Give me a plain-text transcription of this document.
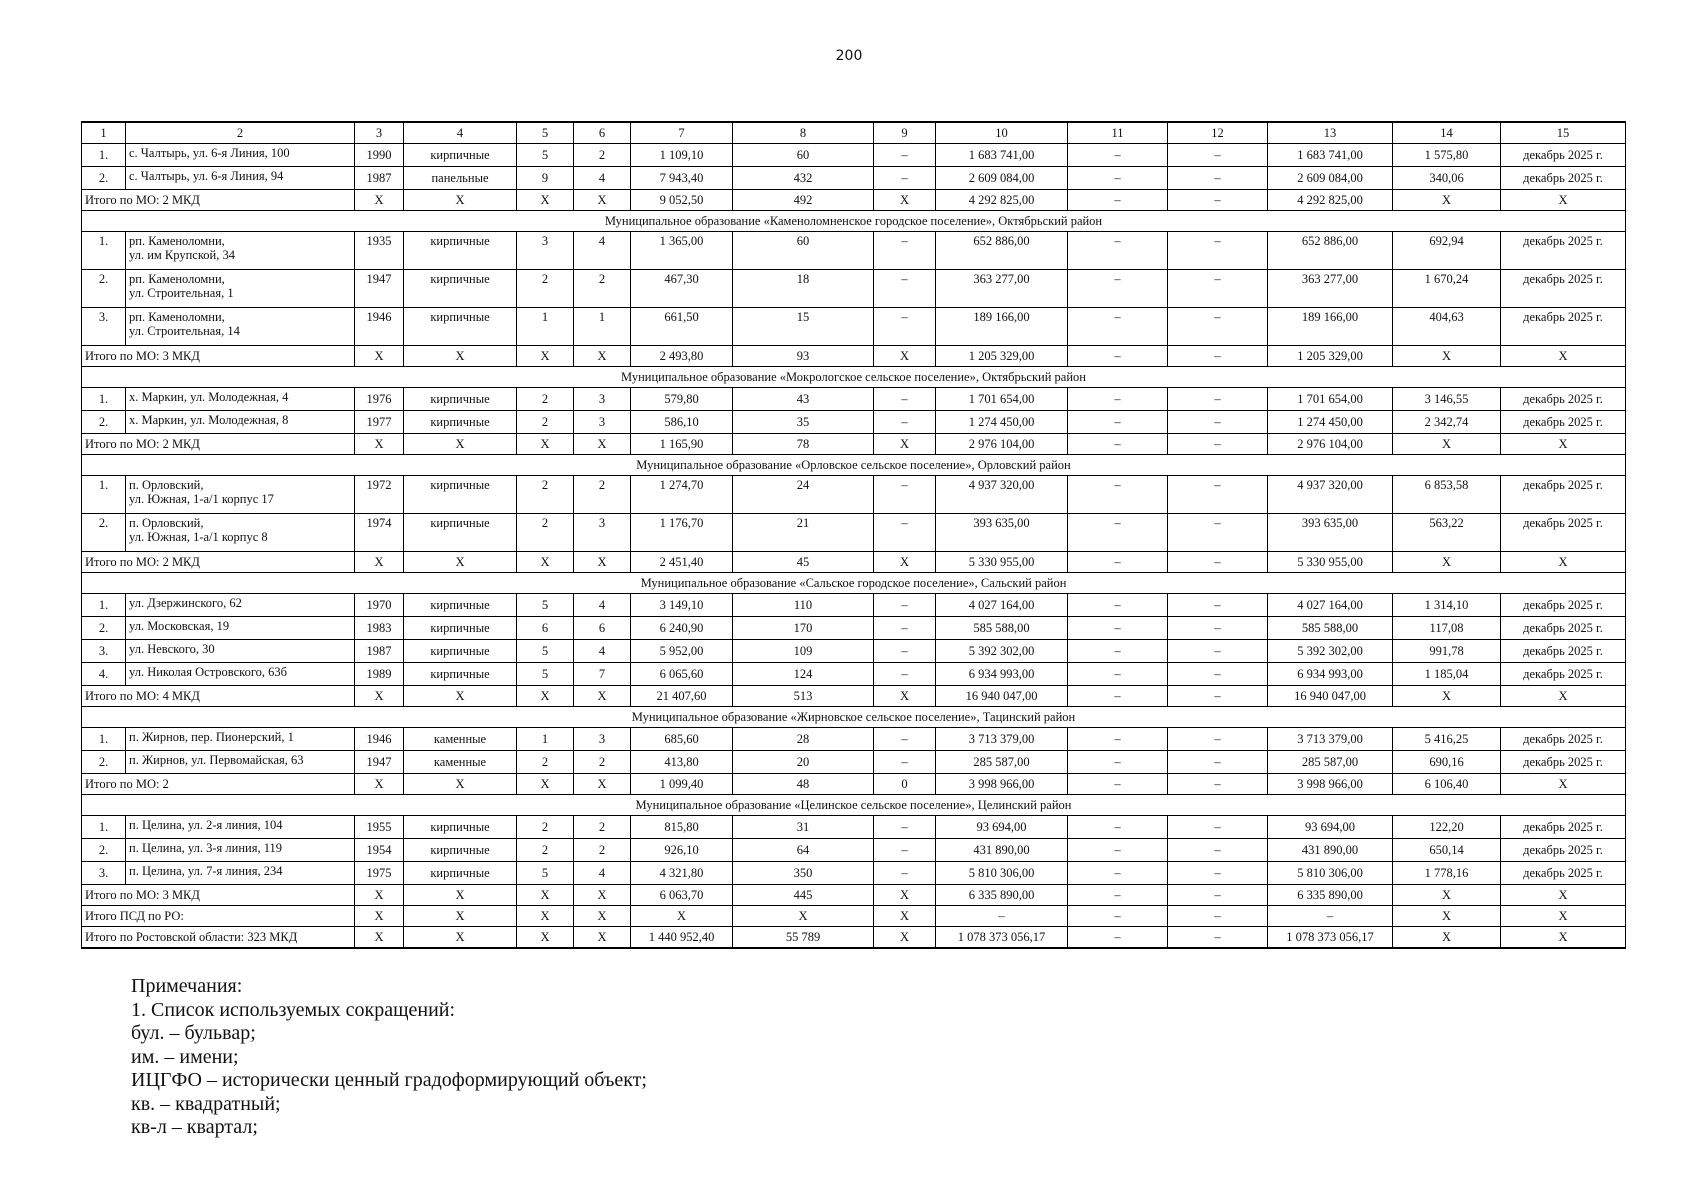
200
1	2	3	4	5	6	7	8	9	10	11	12	13	14	15
1.	с. Чалтырь, ул. 6-я Линия, 100	1990	кирпичные	5	2	1 109,10	60	–	1 683 741,00	–	–	1 683 741,00	1 575,80	декабрь 2025 г.
2.	с. Чалтырь, ул. 6-я Линия, 94	1987	панельные	9	4	7 943,40	432	–	2 609 084,00	–	–	2 609 084,00	340,06	декабрь 2025 г.
Итого по МО: 2 МКД		X	X	X	X	9 052,50	492	X	4 292 825,00	–	–	4 292 825,00	X	X
Муниципальное образование «Каменоломненское городское поселение», Октябрьский район														
1.	рп. Каменоломни,
ул. им Крупской, 34	1935	кирпичные	3	4	1 365,00	60	–	652 886,00	–	–	652 886,00	692,94	декабрь 2025 г.
2.	рп. Каменоломни,
ул. Строительная, 1	1947	кирпичные	2	2	467,30	18	–	363 277,00	–	–	363 277,00	1 670,24	декабрь 2025 г.
3.	рп. Каменоломни,
ул. Строительная, 14	1946	кирпичные	1	1	661,50	15	–	189 166,00	–	–	189 166,00	404,63	декабрь 2025 г.
Итого по МО: 3 МКД		X	X	X	X	2 493,80	93	X	1 205 329,00	–	–	1 205 329,00	X	X
Муниципальное образование «Мокрологское сельское поселение», Октябрьский район														
1.	х. Маркин, ул. Молодежная, 4	1976	кирпичные	2	3	579,80	43	–	1 701 654,00	–	–	1 701 654,00	3 146,55	декабрь 2025 г.
2.	х. Маркин, ул. Молодежная, 8	1977	кирпичные	2	3	586,10	35	–	1 274 450,00	–	–	1 274 450,00	2 342,74	декабрь 2025 г.
Итого по МО: 2 МКД		X	X	X	X	1 165,90	78	X	2 976 104,00	–	–	2 976 104,00	X	X
Муниципальное образование «Орловское сельское поселение», Орловский район														
1.	п. Орловский,
ул. Южная, 1-а/1 корпус 17	1972	кирпичные	2	2	1 274,70	24	–	4 937 320,00	–	–	4 937 320,00	6 853,58	декабрь 2025 г.
2.	п. Орловский,
ул. Южная, 1-а/1 корпус 8	1974	кирпичные	2	3	1 176,70	21	–	393 635,00	–	–	393 635,00	563,22	декабрь 2025 г.
Итого по МО: 2 МКД		X	X	X	X	2 451,40	45	X	5 330 955,00	–	–	5 330 955,00	X	X
Муниципальное образование «Сальское городское поселение», Сальский район														
1.	ул. Дзержинского, 62	1970	кирпичные	5	4	3 149,10	110	–	4 027 164,00	–	–	4 027 164,00	1 314,10	декабрь 2025 г.
2.	ул. Московская, 19	1983	кирпичные	6	6	6 240,90	170	–	585 588,00	–	–	585 588,00	117,08	декабрь 2025 г.
3.	ул. Невского, 30	1987	кирпичные	5	4	5 952,00	109	–	5 392 302,00	–	–	5 392 302,00	991,78	декабрь 2025 г.
4.	ул. Николая Островского, 63б	1989	кирпичные	5	7	6 065,60	124	–	6 934 993,00	–	–	6 934 993,00	1 185,04	декабрь 2025 г.
Итого по МО: 4 МКД		X	X	X	X	21 407,60	513	X	16 940 047,00	–	–	16 940 047,00	X	X
Муниципальное образование «Жирновское сельское поселение», Тацинский район														
1.	п. Жирнов, пер. Пионерский, 1	1946	каменные	1	3	685,60	28	–	3 713 379,00	–	–	3 713 379,00	5 416,25	декабрь 2025 г.
2.	п. Жирнов, ул. Первомайская, 63	1947	каменные	2	2	413,80	20	–	285 587,00	–	–	285 587,00	690,16	декабрь 2025 г.
Итого по МО: 2		X	X	X	X	1 099,40	48	0	3 998 966,00	–	–	3 998 966,00	6 106,40	X
Муниципальное образование «Целинское сельское поселение», Целинский район														
1.	п. Целина, ул. 2-я линия, 104	1955	кирпичные	2	2	815,80	31	–	93 694,00	–	–	93 694,00	122,20	декабрь 2025 г.
2.	п. Целина, ул. 3-я линия, 119	1954	кирпичные	2	2	926,10	64	–	431 890,00	–	–	431 890,00	650,14	декабрь 2025 г.
3.	п. Целина, ул. 7-я линия, 234	1975	кирпичные	5	4	4 321,80	350	–	5 810 306,00	–	–	5 810 306,00	1 778,16	декабрь 2025 г.
Итого по МО: 3 МКД		X	X	X	X	6 063,70	445	X	6 335 890,00	–	–	6 335 890,00	X	X
Итого ПСД по РО:		X	X	X	X	X	X	X	–	–	–	–	X	X
Итого по Ростовской области: 323 МКД		X	X	X	X	1 440 952,40	55 789	X	1 078 373 056,17	–	–	1 078 373 056,17	X	X
Примечания:
1. Список используемых сокращений:
бул. – бульвар;
им. – имени;
ИЦГФО – исторически ценный градоформирующий объект;
кв. – квадратный;
кв-л – квартал;
